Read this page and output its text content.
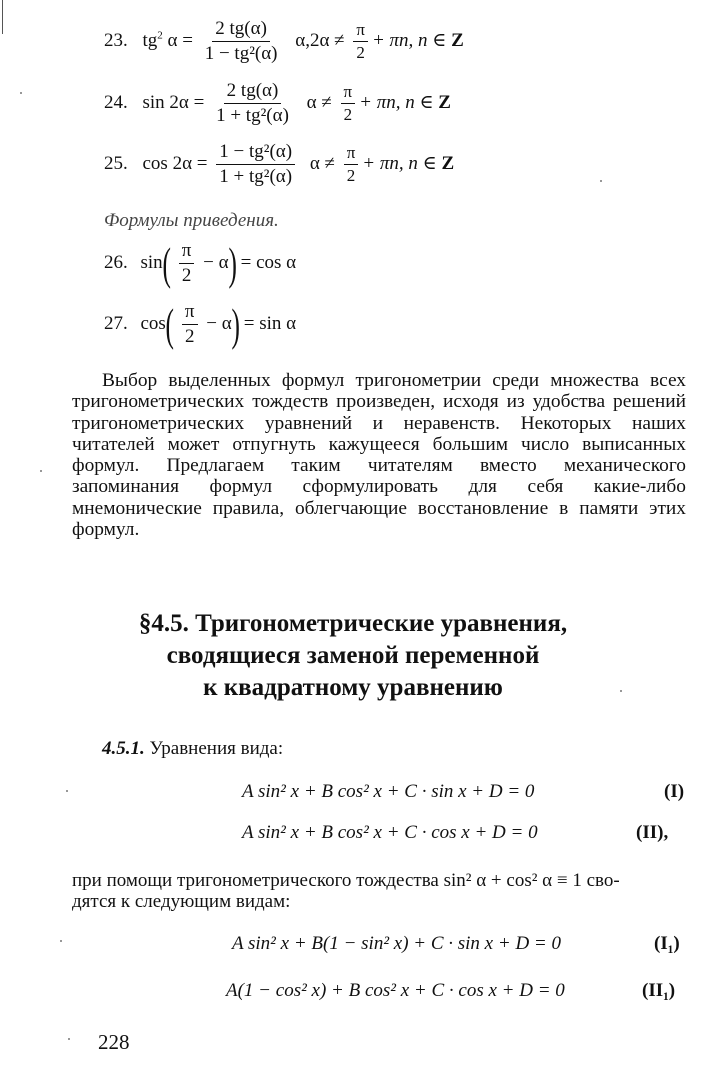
23. $tg^2$ $\alpha = \frac{2 tg(\alpha)}{\text{1 − tg²(α)}} \alpha,2\alpha \ne \frac{\pi}{2} + \pi n$, n ∈ Z
24. $\sin 2\alpha = \frac{2 tg(\alpha)}{\text{1 + tg²(α)}}$ $\alpha \ne \frac{\pi}{2} + \pi n$, n ∈ Z
25. $\cos 2\alpha = \frac{\text{1 − tg²(α)}}{\text{1 + tg²(α)}}$ $\alpha \ne \frac{\pi}{2} + \pi n$, n ∈ Z
Формулы приведения.
26. $\sin( \frac{\pi}{2} - \alpha) = \cos \alpha$
27. $\cos( \frac{\pi}{2} - \alpha) = \sin \alpha$
Выбор выделенных формул тригонометрии среди множества всех тригонометрических тождеств произведен, исходя из удобства решений тригонометрических уравнений и неравенств. Некоторых наших читателей может отпугнуть кажущееся большим число выписанных формул. Предлагаем таким читателям вместо механического запоминания формул сформулировать для себя какие-либо мнемонические правила, облегчающие восстановление в памяти этих формул.
§4.5. Тригонометрические уравнения,
сводящиеся заменой переменной
к квадратному уравнению
4.5.1. Уравнения вида:
A sin² x + B cos² x + C · sin x + D = 0	(I)
A sin² x + B cos² x + C · cos x + D = 0	(II),
при помощи тригонометрического тождества sin² α + cos² α ≡ 1 сво-
дятся к следующим видам:
A sin² x + B(1 − sin² x) + C · sin x + D = 0	(I₁)
A(1 − cos² x) + B cos² x + C · cos x + D = 0	(II₁)
228
